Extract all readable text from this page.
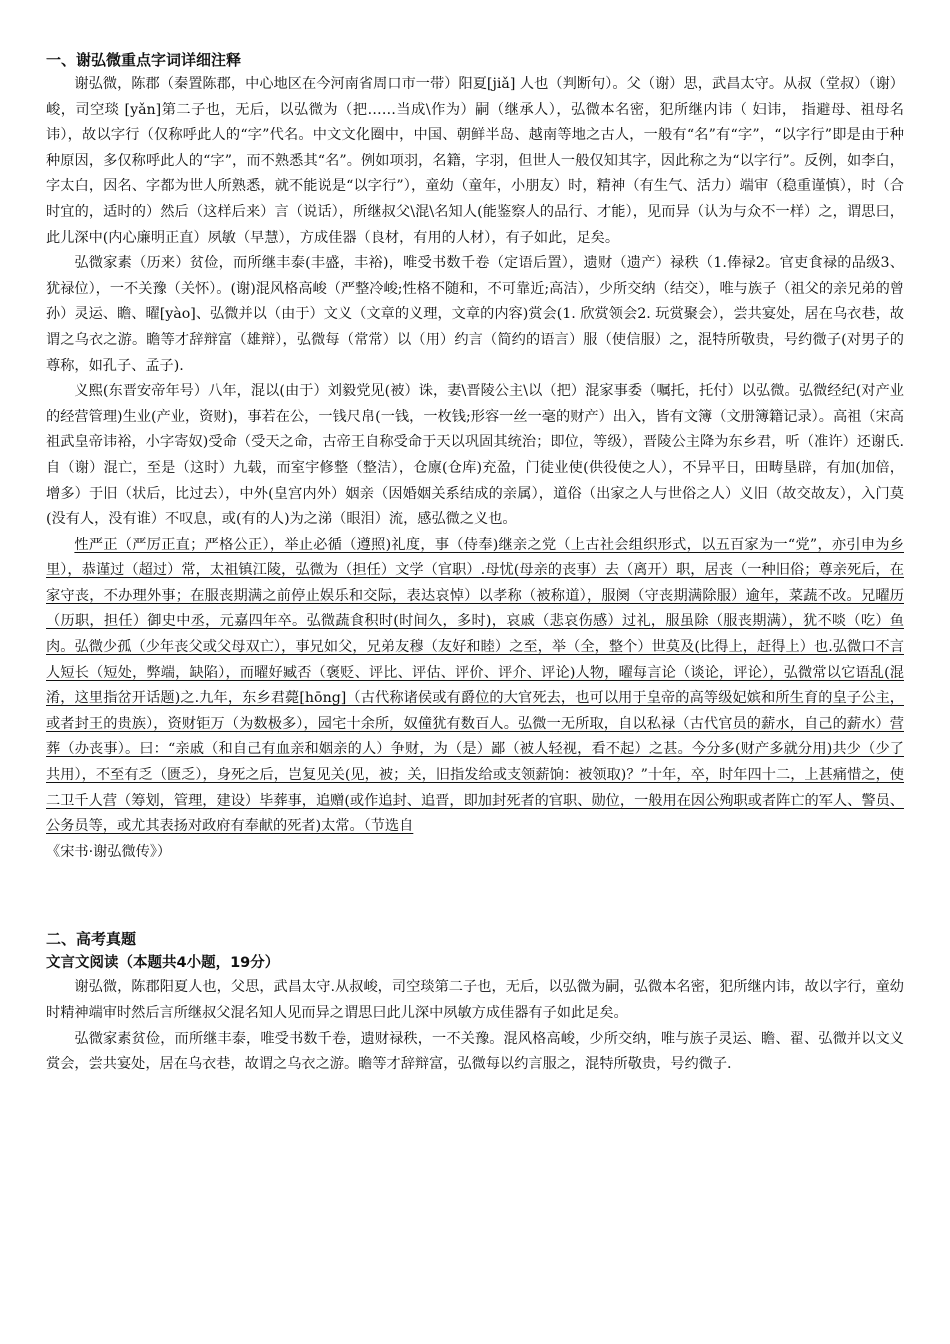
一、谢弘微重点字词详细注释

谢弘微，陈郡（秦置陈郡，中心地区在今河南省周口市一带）阳夏[jiǎ] 人也（判断句）。父（谢）思，武昌太守。从叔（堂叔）（谢）峻，司空琰 [yǎn]第二子也，无后，以弘微为（把……当成\作为）嗣（继承人），弘微本名密，犯所继内讳（ 妇讳， 指避母、祖母名讳），故以字行（仅称呼此人的“字”代名。中文文化圈中，中国、朝鲜半岛、越南等地之古人，一般有“名”有“字”，“以字行”即是由于种种原因，多仅称呼此人的“字”，而不熟悉其“名”。例如项羽，名籍，字羽，但世人一般仅知其字，因此称之为“以字行”。反例，如李白，字太白，因名、字都为世人所熟悉，就不能说是“以字行”），童幼（童年，小朋友）时，精神（有生气、活力）端审（稳重谨慎），时（合时宜的，适时的）然后（这样后来）言（说话），所继叔父\混\名知人(能鉴察人的品行、才能），见而异（认为与众不一样）之，谓思曰，此儿深中(内心廉明正直）夙敏（早慧），方成佳器（良材，有用的人材），有子如此，足矣。

弘微家素（历来）贫俭，而所继丰泰(丰盛，丰裕)，唯受书数千卷（定语后置），遗财（遗产）禄秩（1.俸禄2。官吏食禄的品级3、犹禄位），一不关豫（关怀）。(谢)混风格高峻（严整冷峻;性格不随和，不可靠近;高洁），少所交纳（结交），唯与族子（祖父的亲兄弟的曾孙）灵运、瞻、曜[yào]、弘微并以（由于）文义（文章的义理，文章的内容)赏会(1. 欣赏领会2. 玩赏聚会），尝共宴处，居在乌衣巷，故谓之乌衣之游。瞻等才辞辩富（雄辩），弘微每（常常）以（用）约言（简约的语言）服（使信服）之，混特所敬贵，号约微子(对男子的尊称，如孔子、孟子).

义熙(东晋安帝年号）八年，混以(由于）刘毅党见(被）诛，妻\晋陵公主\以（把）混家事委（嘱托，托付）以弘微。弘微经纪(对产业的经营管理)生业(产业，资财)，事若在公，一钱尺帛(一钱，一枚钱;形容一丝一毫的财产）出入，皆有文簿（文册簿籍记录）。高祖（宋高祖武皇帝讳裕，小字寄奴)受命（受天之命，古帝王自称受命于天以巩固其统治；即位，等级），晋陵公主降为东乡君，听（准许）还谢氏.自（谢）混亡，至是（这时）九载，而室宇修整（整洁），仓廪(仓库)充盈，门徒业使(供役使之人），不异平日，田畴垦辟，有加(加倍，增多）于旧（状后，比过去），中外(皇宫内外）姻亲（因婚姻关系结成的亲属），道俗（出家之人与世俗之人）义旧（故交故友），入门莫(没有人，没有谁）不叹息，或(有的人)为之涕（眼泪）流，感弘微之义也。

性严正（严厉正直；严格公正），举止必循（遵照)礼度，事（侍奉)继亲之党（上古社会组织形式，以五百家为一“党”，亦引申为乡里），恭谨过（超过）常，太祖镇江陵，弘微为（担任）文学（官职）.母忧(母亲的丧事）去（离开）职，居丧（一种旧俗；尊亲死后，在家守丧，不办理外事；在服丧期满之前停止娱乐和交际，表达哀悼）以孝称（被称道），服阕（守丧期满除服）逾年，菜蔬不改。兄曜历（历职，担任）御史中丞，元嘉四年卒。弘微蔬食积时(时间久，多时)，哀戚（悲哀伤感）过礼，服虽除（服丧期满），犹不啖（吃）鱼肉。弘微少孤（少年丧父或父母双亡），事兄如父，兄弟友穆（友好和睦）之至，举（全，整个）世莫及(比得上，赶得上）也.弘微口不言人短长（短处，弊端，缺陷），而曜好臧否（褒贬、评比、评估、评价、评介、评论)人物，曜每言论（谈论，评论），弘微常以它语乱(混淆，这里指岔开话题)之.九年，东乡君薨[hōng]（古代称诸侯或有爵位的大官死去，也可以用于皇帝的高等级妃嫔和所生育的皇子公主，或者封王的贵族），资财钜万（为数极多），园宅十余所，奴僮犹有数百人。弘微一无所取，自以私禄（古代官员的薪水，自己的薪水）营葬（办丧事）。曰：“亲戚（和自己有血亲和姻亲的人）争财，为（是）鄙（被人轻视，看不起）之甚。今分多(财产多就分用)共少（少了共用），不至有乏（匮乏），身死之后，岂复见关(见，被；关，旧指发给或支领薪饷：被领取)？”十年，卒，时年四十二，上甚痛惜之，使二卫千人营（筹划，管理，建设）毕葬事，追赠(或作追封、追晋，即加封死者的官职、勋位，一般用在因公殉职或者阵亡的军人、警员、公务员等，或尤其表扬对政府有奉献的死者)太常。（节选自

《宋书·谢弘微传》）

二、高考真题
文言文阅读（本题共4小题，19分）

谢弘微，陈郡阳夏人也，父思，武昌太守.从叔峻，司空琰第二子也，无后，以弘微为嗣，弘微本名密，犯所继内讳，故以字行，童幼时精神端审时然后言所继叔父混名知人见而异之谓思曰此儿深中夙敏方成佳器有子如此足矣。

弘微家素贫俭，而所继丰泰，唯受书数千卷，遗财禄秩，一不关豫。混风格高峻，少所交纳，唯与族子灵运、瞻、翟、弘微并以文义赏会，尝共宴处，居在乌衣巷，故谓之乌衣之游。瞻等才辞辩富，弘微每以约言服之，混特所敬贵，号约微子.
